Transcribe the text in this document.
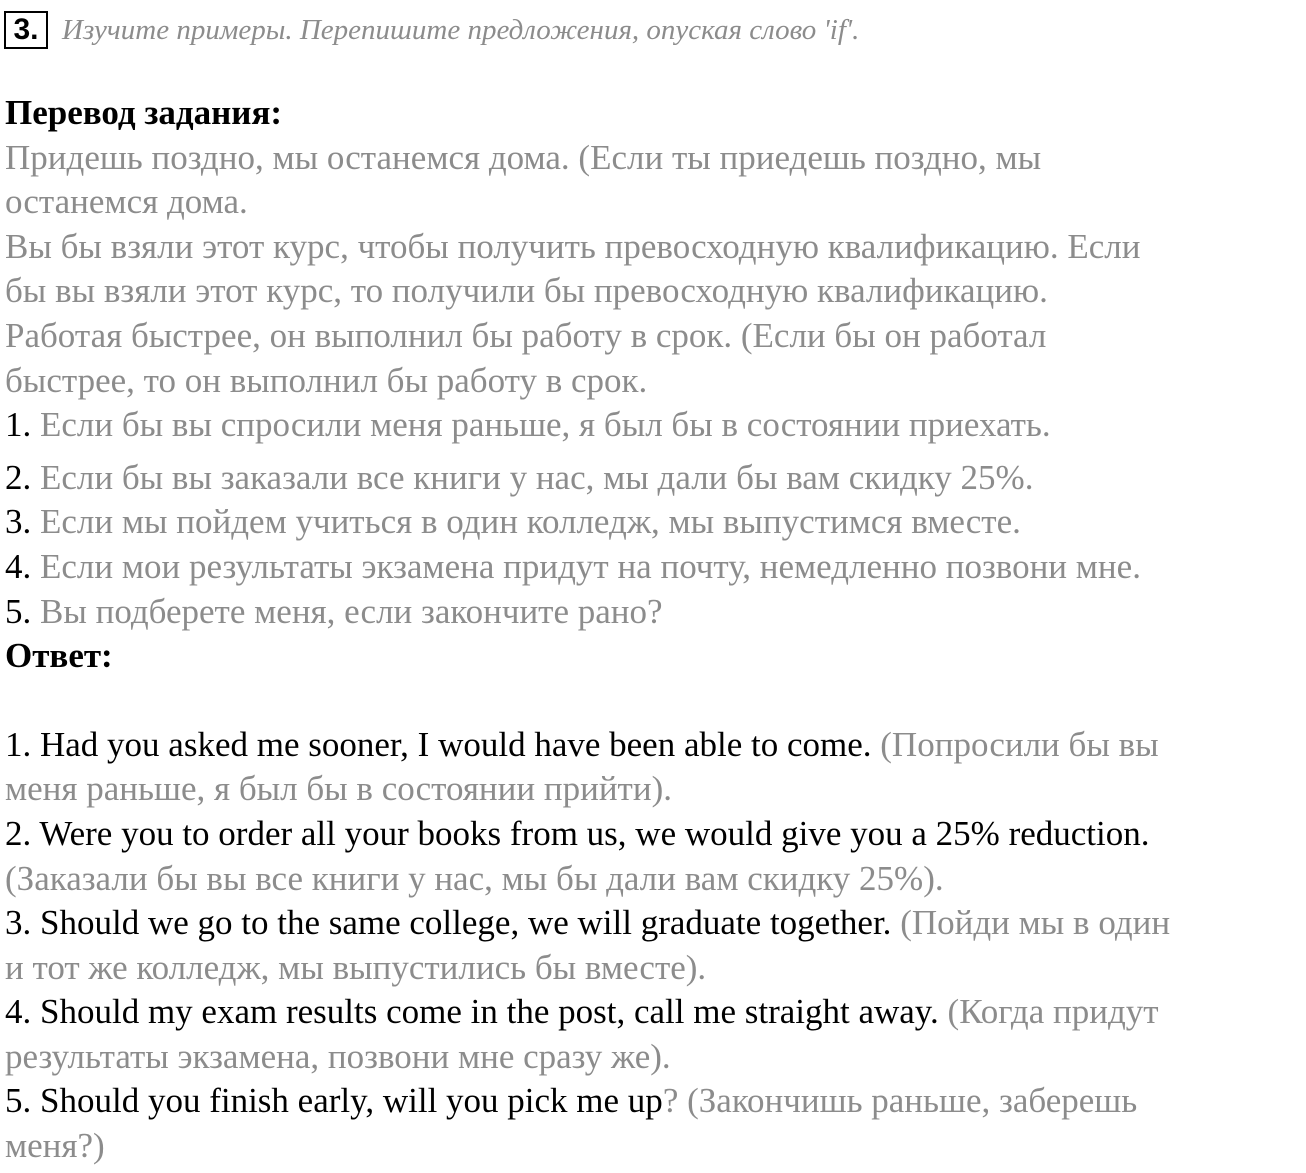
3. Изучите примеры. Перепишите предложения, опуская слово 'if'.
Перевод задания:
Придешь поздно, мы останемся дома. (Если ты приедешь поздно, мы
останемся дома.
Вы бы взяли этот курс, чтобы получить превосходную квалификацию. Если
бы вы взяли этот курс, то получили бы превосходную квалификацию.
Работая быстрее, он выполнил бы работу в срок. (Если бы он работал
быстрее, то он выполнил бы работу в срок.
1. Если бы вы спросили меня раньше, я был бы в состоянии приехать.
2. Если бы вы заказали все книги у нас, мы дали бы вам скидку 25%.
3. Если мы пойдем учиться в один колледж, мы выпустимся вместе.
4. Если мои результаты экзамена придут на почту, немедленно позвони мне.
5. Вы подберете меня, если закончите рано?
Ответ:
1. Had you asked me sooner, I would have been able to come. (Попросили бы вы
меня раньше, я был бы в состоянии прийти).
2. Were you to order all your books from us, we would give you a 25% reduction.
(Заказали бы вы все книги у нас, мы бы дали вам скидку 25%).
3. Should we go to the same college, we will graduate together. (Пойди мы в один
и тот же колледж, мы выпустились бы вместе).
4. Should my exam results come in the post, call me straight away. (Когда придут
результаты экзамена, позвони мне сразу же).
5. Should you finish early, will you pick me up? (Закончишь раньше, заберешь
меня?)
